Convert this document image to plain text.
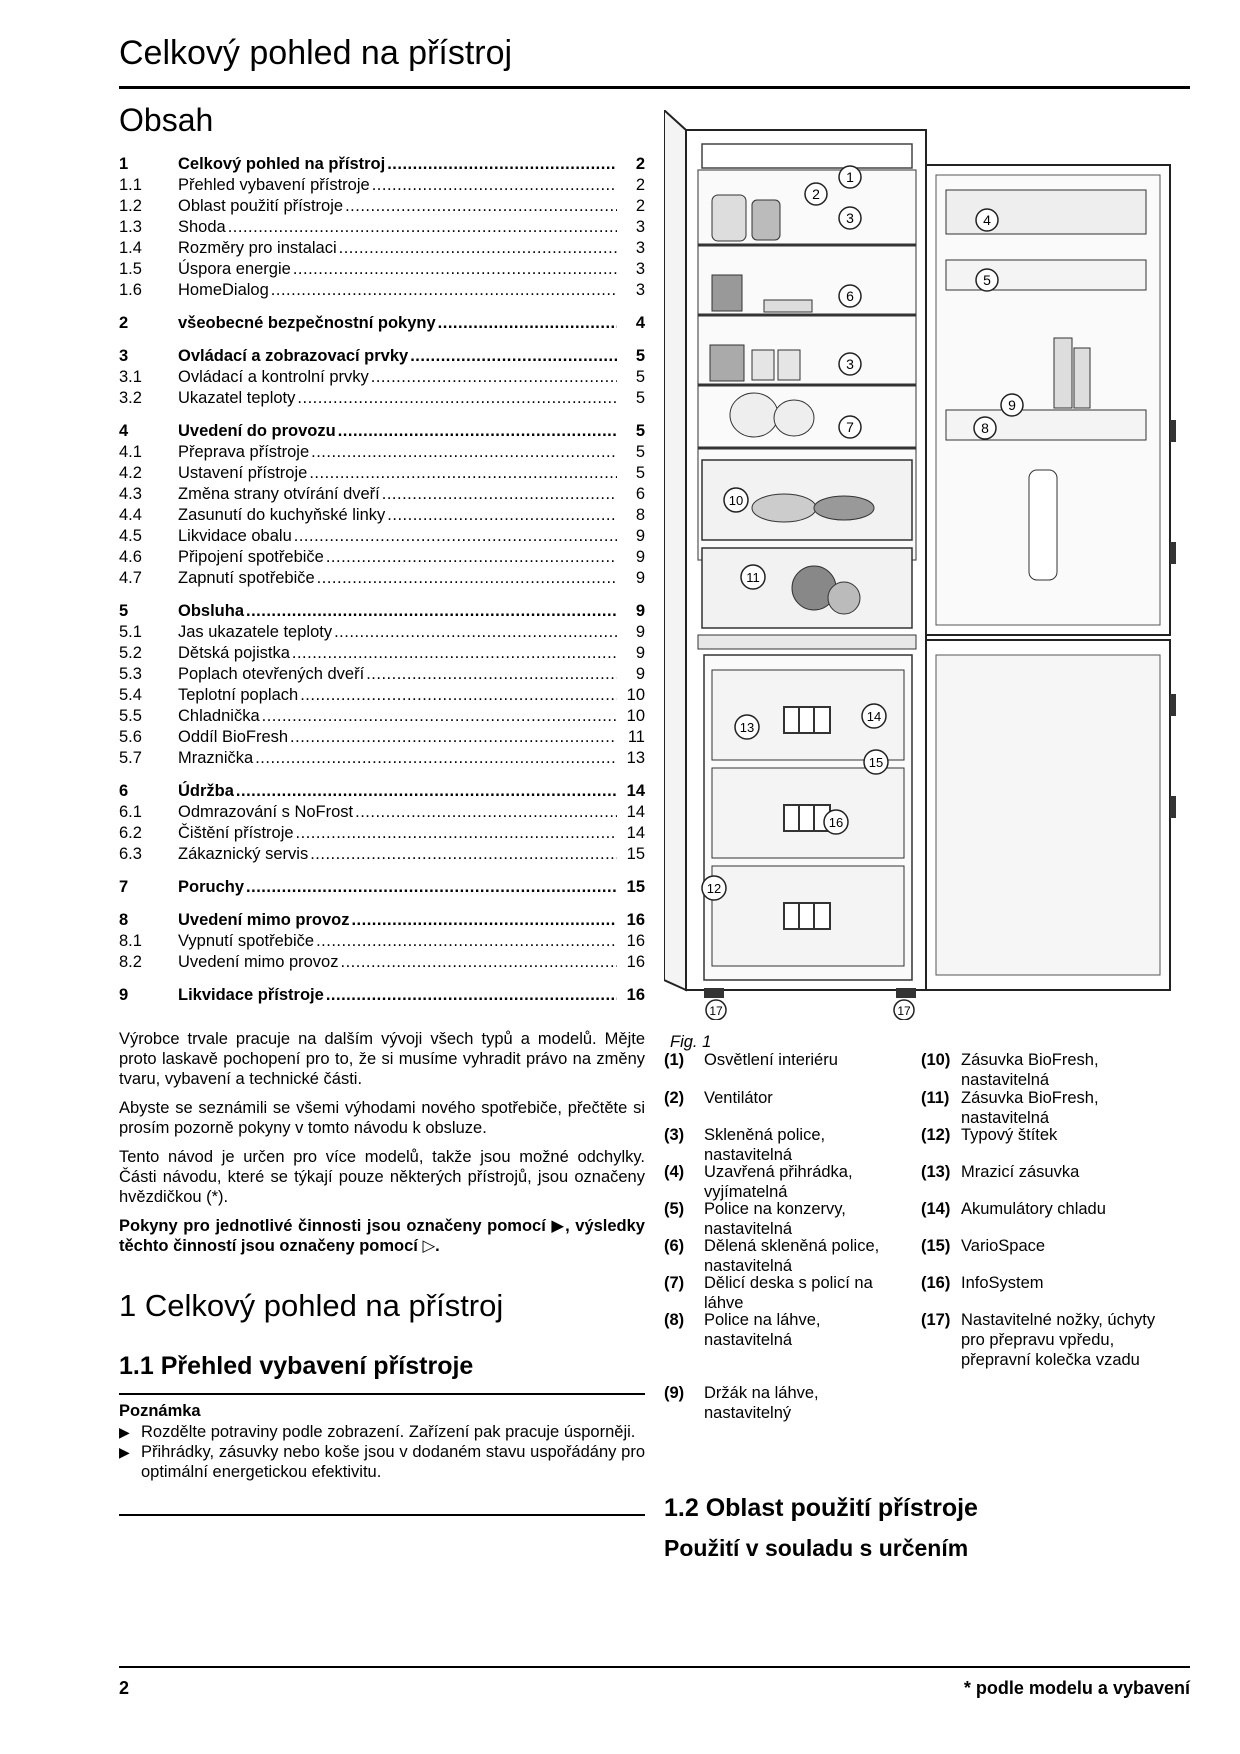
Celkový pohled na přístroj
Obsah
1	Celkový pohled na přístroj .....	2
1.1	Přehled vybavení přístroje .....	2
1.2	Oblast použití přístroje .....	2
1.3	Shoda .....	3
1.4	Rozměry pro instalaci .....	3
1.5	Úspora energie .....	3
1.6	HomeDialog .....	3
2	všeobecné bezpečnostní pokyny .....	4
3	Ovládací a zobrazovací prvky .....	5
3.1	Ovládací a kontrolní prvky .....	5
3.2	Ukazatel teploty .....	5
4	Uvedení do provozu .....	5
4.1	Přeprava přístroje .....	5
4.2	Ustavení přístroje .....	5
4.3	Změna strany otvírání dveří .....	6
4.4	Zasunutí do kuchyňské linky .....	8
4.5	Likvidace obalu .....	9
4.6	Připojení spotřebiče .....	9
4.7	Zapnutí spotřebiče .....	9
5	Obsluha .....	9
5.1	Jas ukazatele teploty .....	9
5.2	Dětská pojistka .....	9
5.3	Poplach otevřených dveří .....	9
5.4	Teplotní poplach .....	10
5.5	Chladnička .....	10
5.6	Oddíl BioFresh .....	11
5.7	Mraznička .....	13
6	Údržba .....	14
6.1	Odmrazování s NoFrost .....	14
6.2	Čištění přístroje .....	14
6.3	Zákaznický servis .....	15
7	Poruchy .....	15
8	Uvedení mimo provoz .....	16
8.1	Vypnutí spotřebiče .....	16
8.2	Uvedení mimo provoz .....	16
9	Likvidace přístroje .....	16

Výrobce trvale pracuje na dalším vývoji všech typů a modelů. Mějte proto laskavě pochopení pro to, že si musíme vyhradit právo na změny tvaru, vybavení a technické části.

Abyste se seznámili se všemi výhodami nového spotřebiče, přečtěte si prosím pozorně pokyny v tomto návodu k obsluze.

Tento návod je určen pro více modelů, takže jsou možné odchylky. Části návodu, které se týkají pouze některých přístrojů, jsou označeny hvězdičkou (*).

Pokyny pro jednotlivé činnosti jsou označeny pomocí ▶, výsledky těchto činností jsou označeny pomocí ▷.

1 Celkový pohled na přístroj
1.1 Přehled vybavení přístroje
Poznámka
▶ Rozdělte potraviny podle zobrazení. Zařízení pak pracuje úsporněji.
▶ Přihrádky, zásuvky nebo koše jsou v dodaném stavu uspořádány pro optimální energetickou efektivitu.
1
2
3	4
5
6
3
7	8
9
10
11
14
13
15
16
12
17	17
Fig. 1
(1)	Osvětlení interiéru
(2)	Ventilátor
(3)	Skleněná police, nastavitelná
(4)	Uzavřená přihrádka, vyjímatelná
(5)	Police na konzervy, nastavitelná
(6)	Dělená skleněná police, nastavitelná
(7)	Dělicí deska s policí na láhve
(8)	Police na láhve, nastavitelná
(9)	Držák na láhve, nastavitelný
(10) Zásuvka BioFresh, nastavitelná
(11) Zásuvka BioFresh, nastavitelná
(12) Typový štítek
(13) Mrazicí zásuvka
(14) Akumulátory chladu
(15) VarioSpace
(16) InfoSystem
(17) Nastavitelné nožky, úchyty pro přepravu vpředu, přepravní kolečka vzadu
1.2 Oblast použití přístroje
Použití v souladu s určením
2	* podle modelu a vybavení
